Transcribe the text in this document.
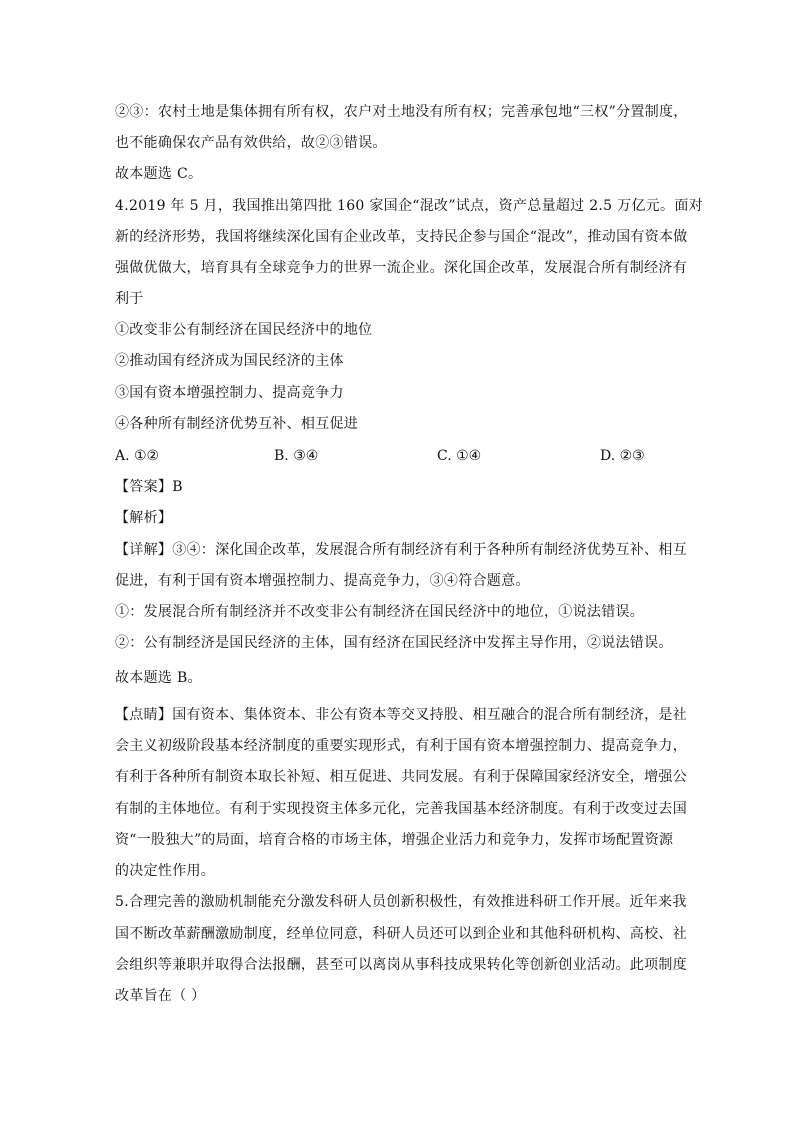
②③：农村土地是集体拥有所有权，农户对土地没有所有权；完善承包地“三权”分置制度，
也不能确保农产品有效供给，故②③错误。
故本题选 C。
4.2019 年 5 月，我国推出第四批 160 家国企“混改”试点，资产总量超过 2.5 万亿元。面对
新的经济形势，我国将继续深化国有企业改革，支持民企参与国企“混改”，推动国有资本做
强做优做大，培育具有全球竞争力的世界一流企业。深化国企改革，发展混合所有制经济有
利于
①改变非公有制经济在国民经济中的地位
②推动国有经济成为国民经济的主体
③国有资本增强控制力、提高竞争力
④各种所有制经济优势互补、相互促进
A. ①②	B. ③④	C. ①④	D. ②③
【答案】B
【解析】
【详解】③④：深化国企改革，发展混合所有制经济有利于各种所有制经济优势互补、相互
促进，有利于国有资本增强控制力、提高竞争力，③④符合题意。
①：发展混合所有制经济并不改变非公有制经济在国民经济中的地位，①说法错误。
②：公有制经济是国民经济的主体，国有经济在国民经济中发挥主导作用，②说法错误。
故本题选 B。
【点睛】国有资本、集体资本、非公有资本等交叉持股、相互融合的混合所有制经济，是社
会主义初级阶段基本经济制度的重要实现形式，有利于国有资本增强控制力、提高竞争力，
有利于各种所有制资本取长补短、相互促进、共同发展。有利于保障国家经济安全，增强公
有制的主体地位。有利于实现投资主体多元化，完善我国基本经济制度。有利于改变过去国
资“一股独大”的局面，培育合格的市场主体，增强企业活力和竞争力，发挥市场配置资源
的决定性作用。
5.合理完善的激励机制能充分激发科研人员创新积极性，有效推进科研工作开展。近年来我
国不断改革薪酬激励制度，经单位同意，科研人员还可以到企业和其他科研机构、高校、社
会组织等兼职并取得合法报酬，甚至可以离岗从事科技成果转化等创新创业活动。此项制度
改革旨在（ ）
